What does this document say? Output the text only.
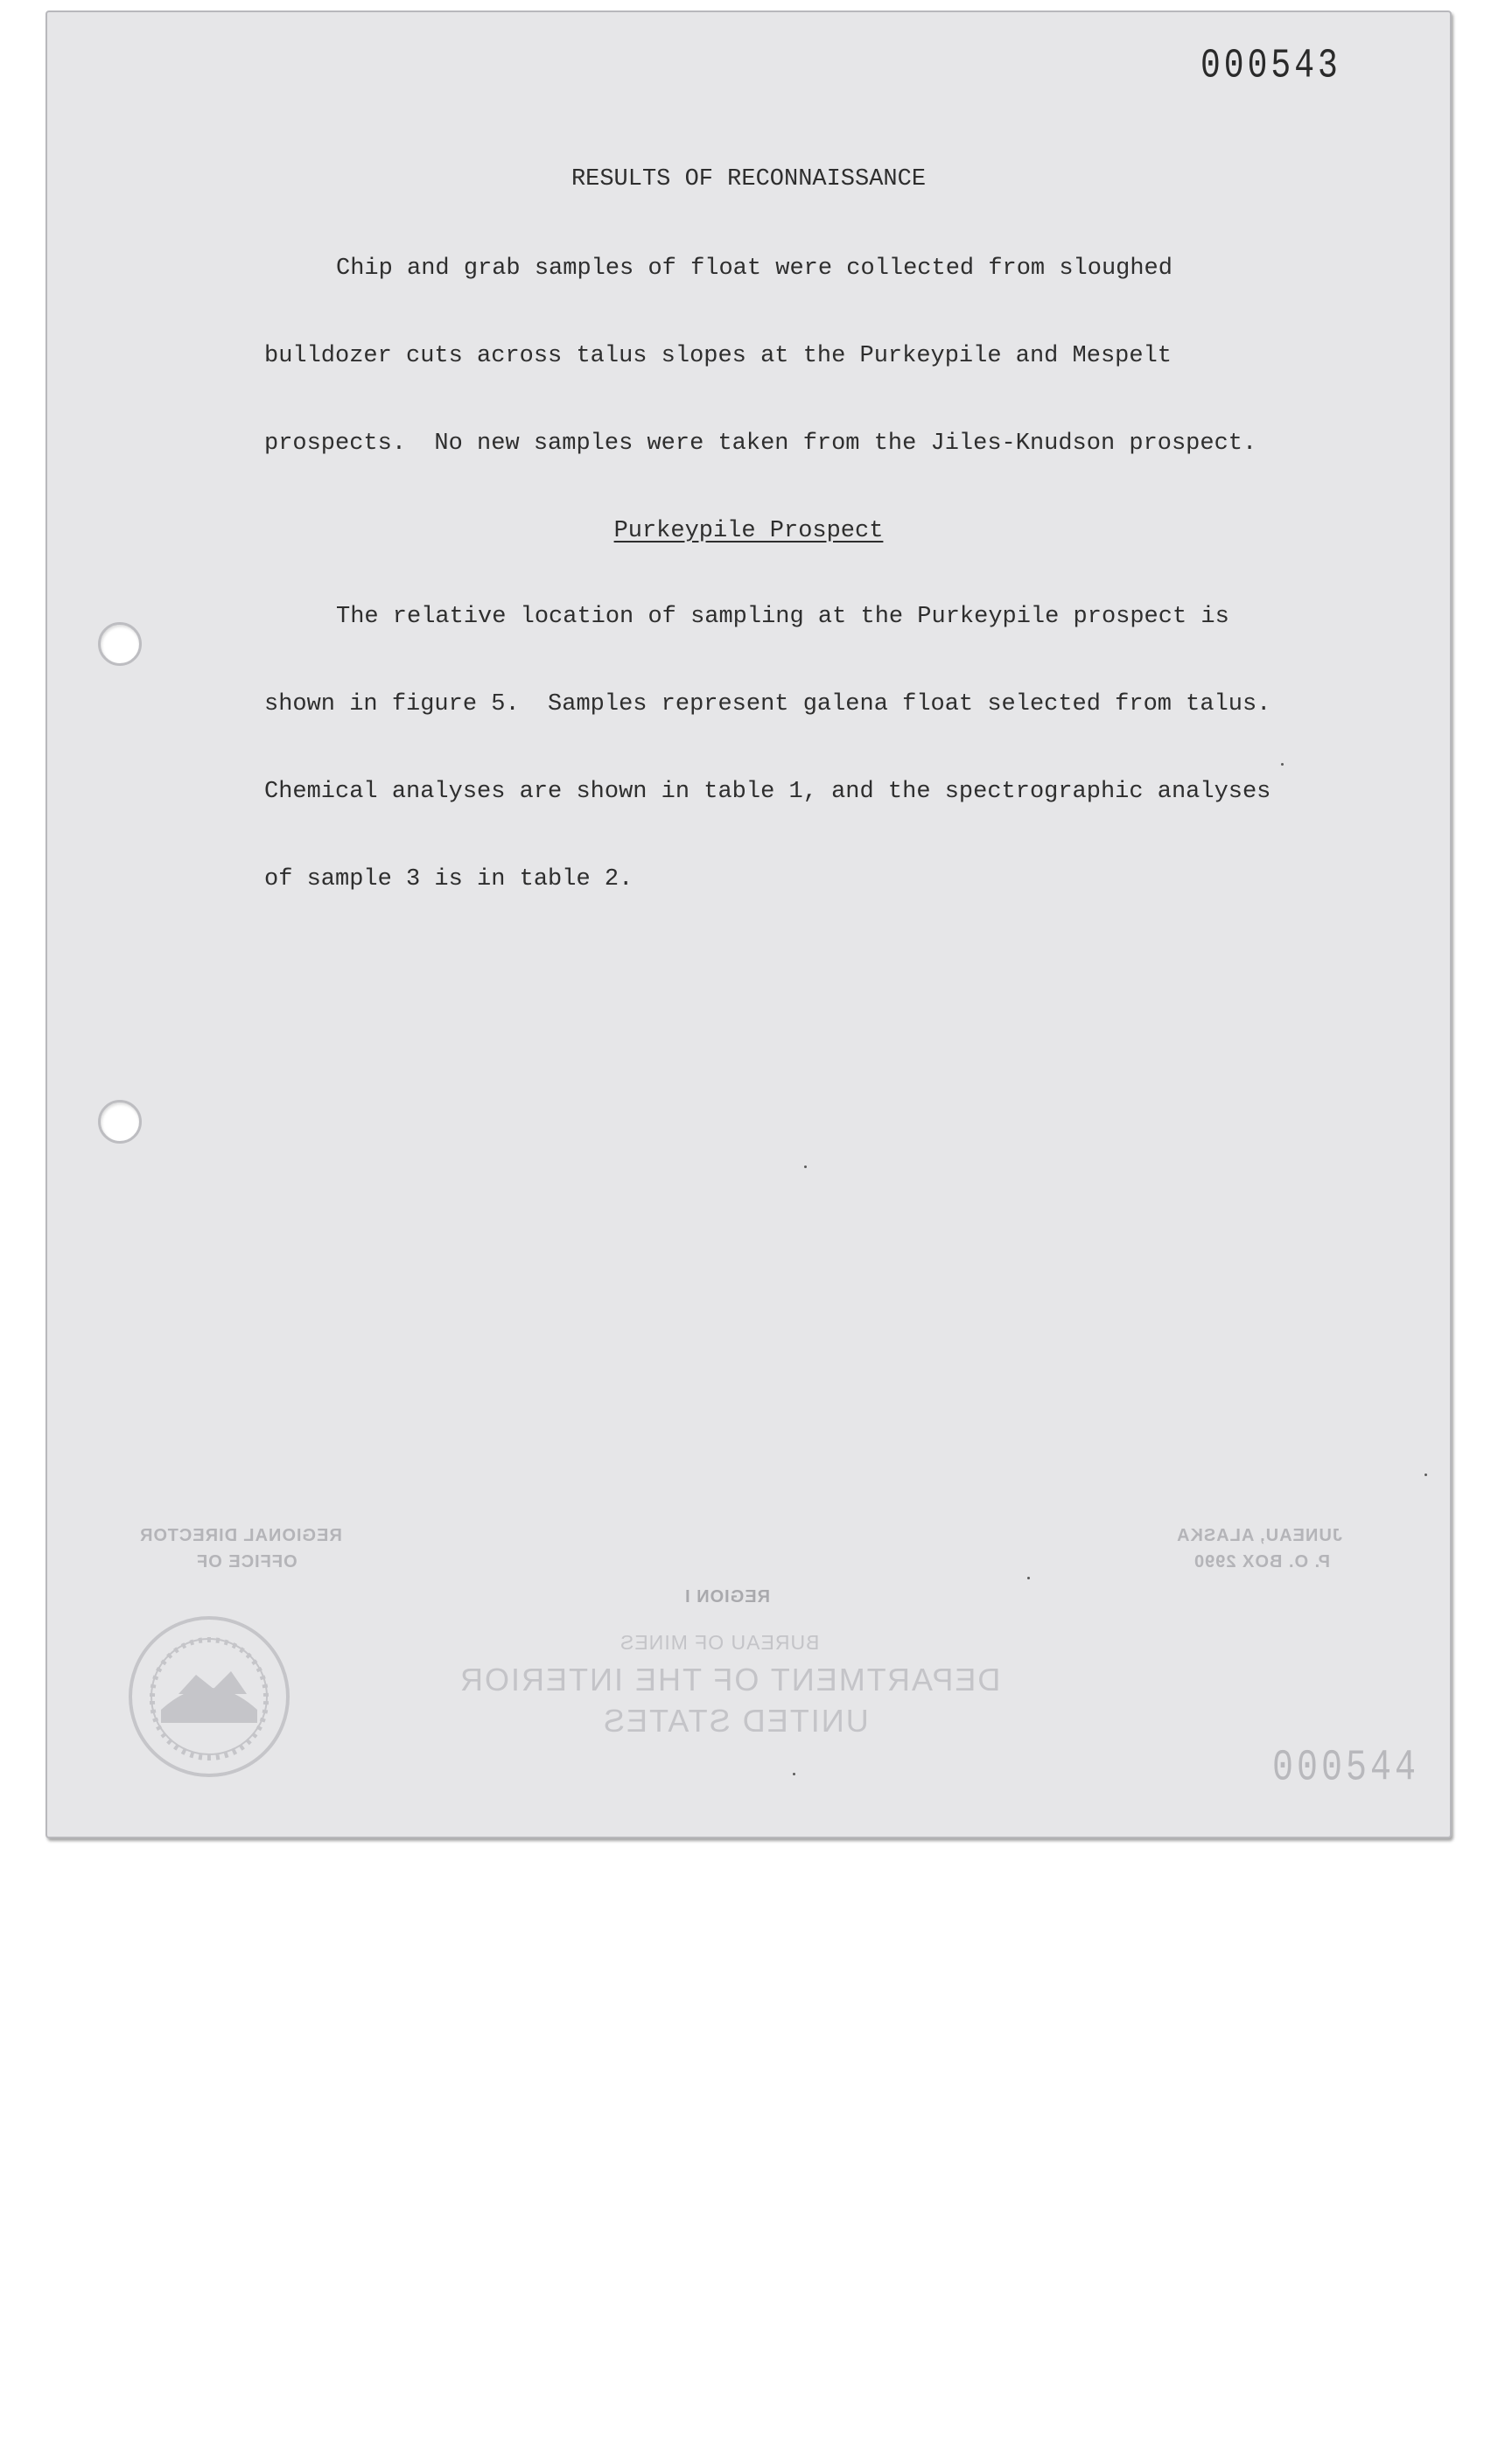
000543

RESULTS OF RECONNAISSANCE

Chip and grab samples of float were collected from sloughed

bulldozer cuts across talus slopes at the Purkeypile and Mespelt

prospects.  No new samples were taken from the Jiles-Knudson prospect.

Purkeypile Prospect

The relative location of sampling at the Purkeypile prospect is

shown in figure 5.  Samples represent galena float selected from talus.

Chemical analyses are shown in table 1, and the spectrographic analyses

of sample 3 is in table 2.

REGIONAL DIRECTOR
OFFICE OF
JUNEAU, ALASKA
P. O. BOX 2990
REGION I
BUREAU OF MINES
DEPARTMENT OF THE INTERIOR
UNITED STATES
000544
